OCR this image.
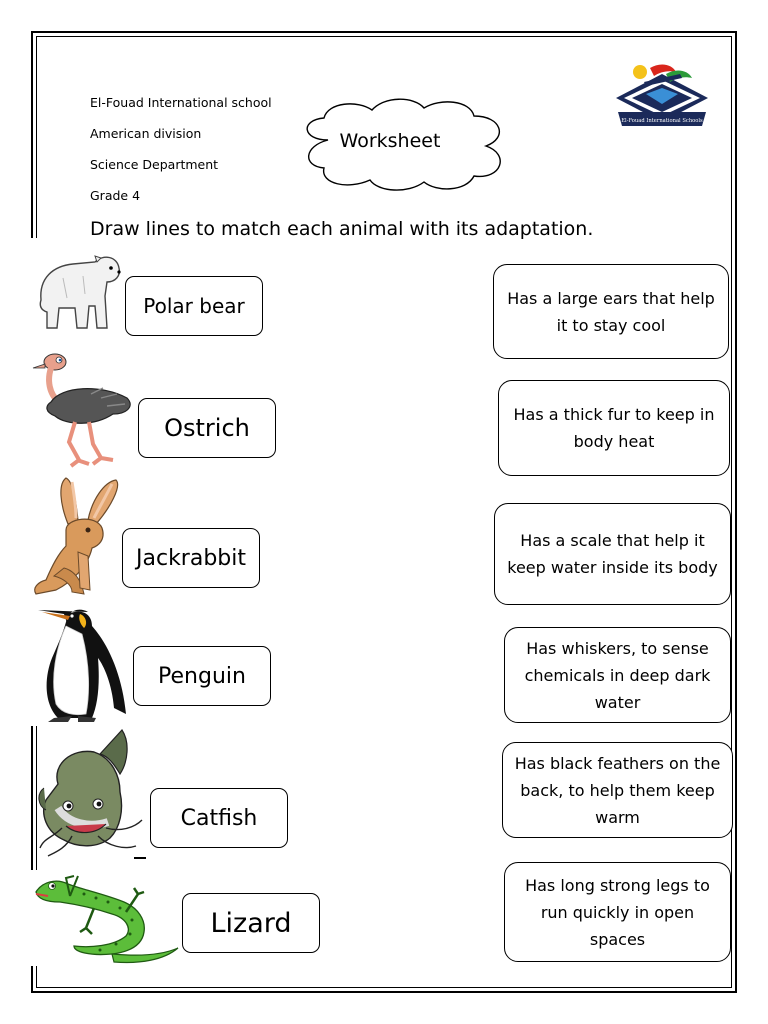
El-Fouad International school
American division
Science Department
Grade 4
Worksheet
El-Fouad International Schools
Draw lines to match each animal with its adaptation.
Polar bear
Ostrich
Jackrabbit
Penguin
Catfish
Lizard
Has a large ears that help it to stay cool
Has a thick fur to keep in body heat
Has a scale that help it keep water inside its body
Has whiskers, to sense chemicals in deep dark water
Has black feathers on the back, to help them keep warm
Has long strong legs to run quickly in open spaces
